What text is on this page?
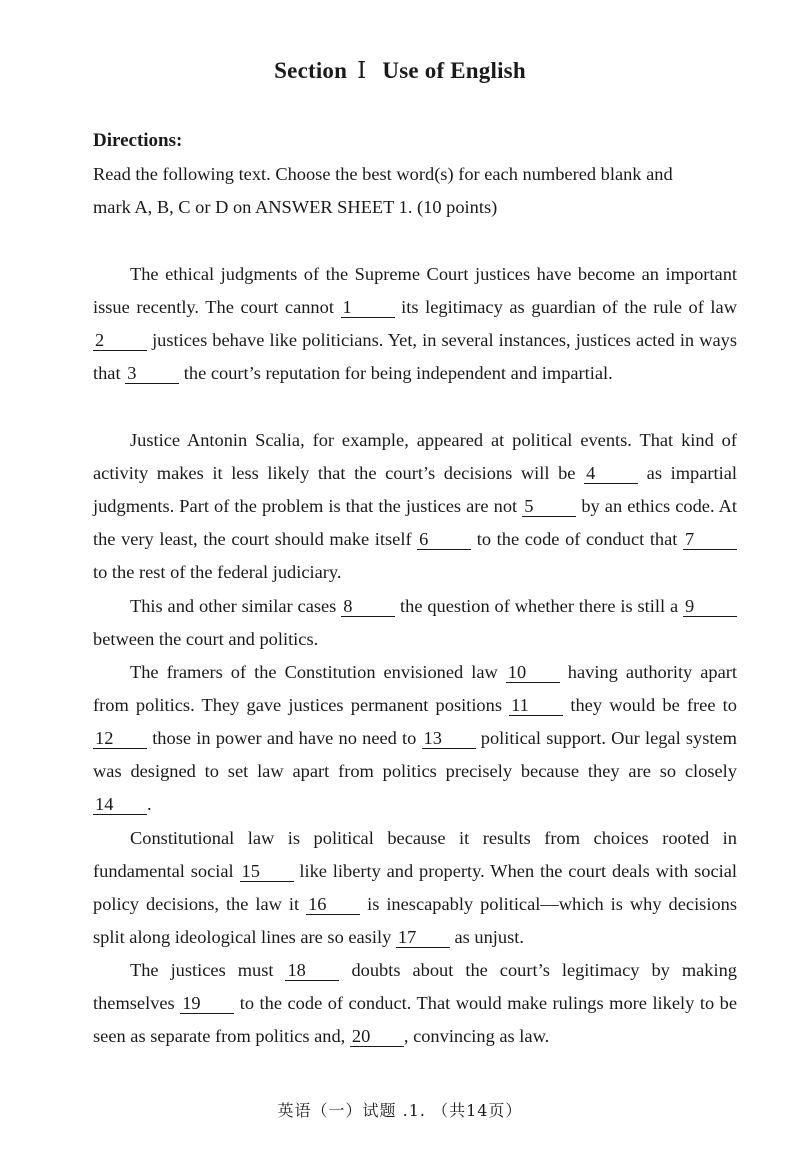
Section Ⅰ Use of English
Directions:
Read the following text. Choose the best word(s) for each numbered blank and
mark A, B, C or D on ANSWER SHEET 1. (10 points)
The ethical judgments of the Supreme Court justices have become an important issue recently. The court cannot 1 its legitimacy as guardian of the rule of law 2 justices behave like politicians. Yet, in several instances, justices acted in ways that 3 the court’s reputation for being independent and impartial.
Justice Antonin Scalia, for example, appeared at political events. That kind of activity makes it less likely that the court’s decisions will be 4 as impartial judgments. Part of the problem is that the justices are not 5 by an ethics code. At the very least, the court should make itself 6 to the code of conduct that 7 to the rest of the federal judiciary.
This and other similar cases 8 the question of whether there is still a 9 between the court and politics.
The framers of the Constitution envisioned law 10 having authority apart from politics. They gave justices permanent positions 11 they would be free to 12 those in power and have no need to 13 political support. Our legal system was designed to set law apart from politics precisely because they are so closely 14 .
Constitutional law is political because it results from choices rooted in fundamental social 15 like liberty and property. When the court deals with social policy decisions, the law it 16 is inescapably political—which is why decisions split along ideological lines are so easily 17 as unjust.
The justices must 18 doubts about the court’s legitimacy by making themselves 19 to the code of conduct. That would make rulings more likely to be seen as separate from politics and, 20 , convincing as law.
英语（一）试题 .1. （共14页）
